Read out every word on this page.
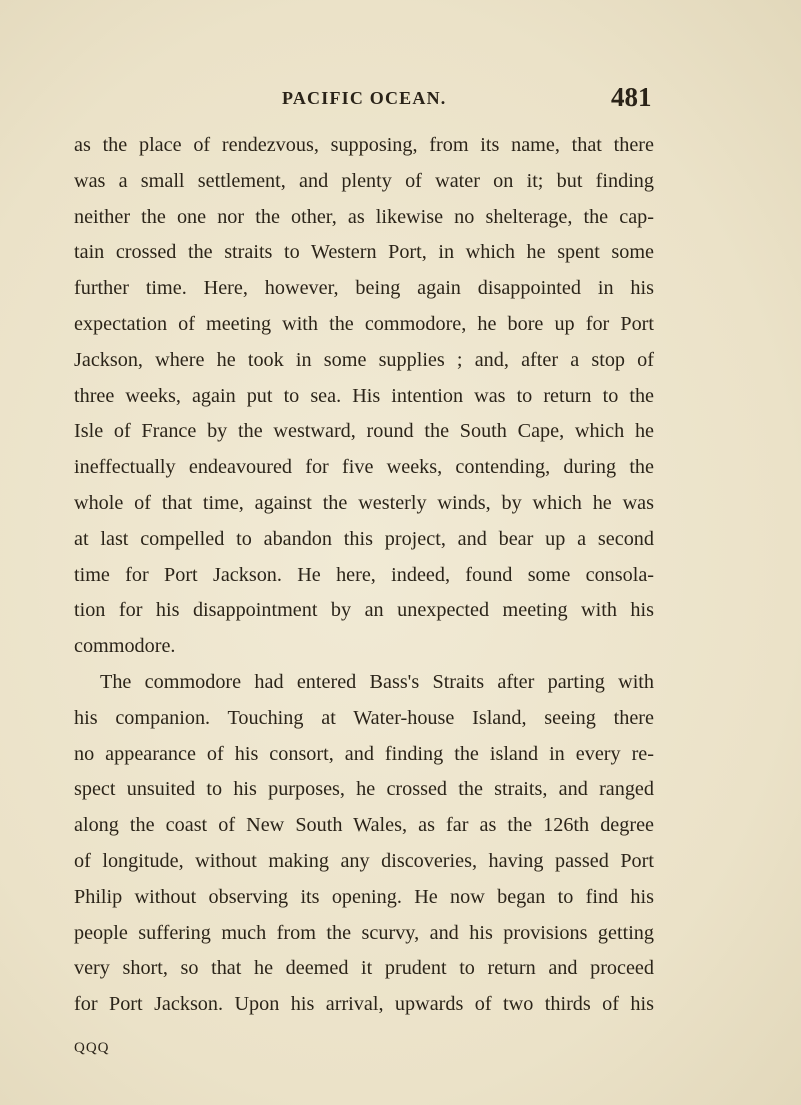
PACIFIC OCEAN.	481
as the place of rendezvous, supposing, from its name, that there
was a small settlement, and plenty of water on it; but finding
neither the one nor the other, as likewise no shelterage, the cap-
tain crossed the straits to Western Port, in which he spent some
further time. Here, however, being again disappointed in his
expectation of meeting with the commodore, he bore up for Port
Jackson, where he took in some supplies ; and, after a stop of
three weeks, again put to sea. His intention was to return to the
Isle of France by the westward, round the South Cape, which he
ineffectually endeavoured for five weeks, contending, during the
whole of that time, against the westerly winds, by which he was
at last compelled to abandon this project, and bear up a second
time for Port Jackson. He here, indeed, found some consola-
tion for his disappointment by an unexpected meeting with his
commodore.
The commodore had entered Bass's Straits after parting with
his companion. Touching at Water-house Island, seeing there
no appearance of his consort, and finding the island in every re-
spect unsuited to his purposes, he crossed the straits, and ranged
along the coast of New South Wales, as far as the 126th degree
of longitude, without making any discoveries, having passed Port
Philip without observing its opening. He now began to find his
people suffering much from the scurvy, and his provisions getting
very short, so that he deemed it prudent to return and proceed
for Port Jackson. Upon his arrival, upwards of two thirds of his
QQQ
